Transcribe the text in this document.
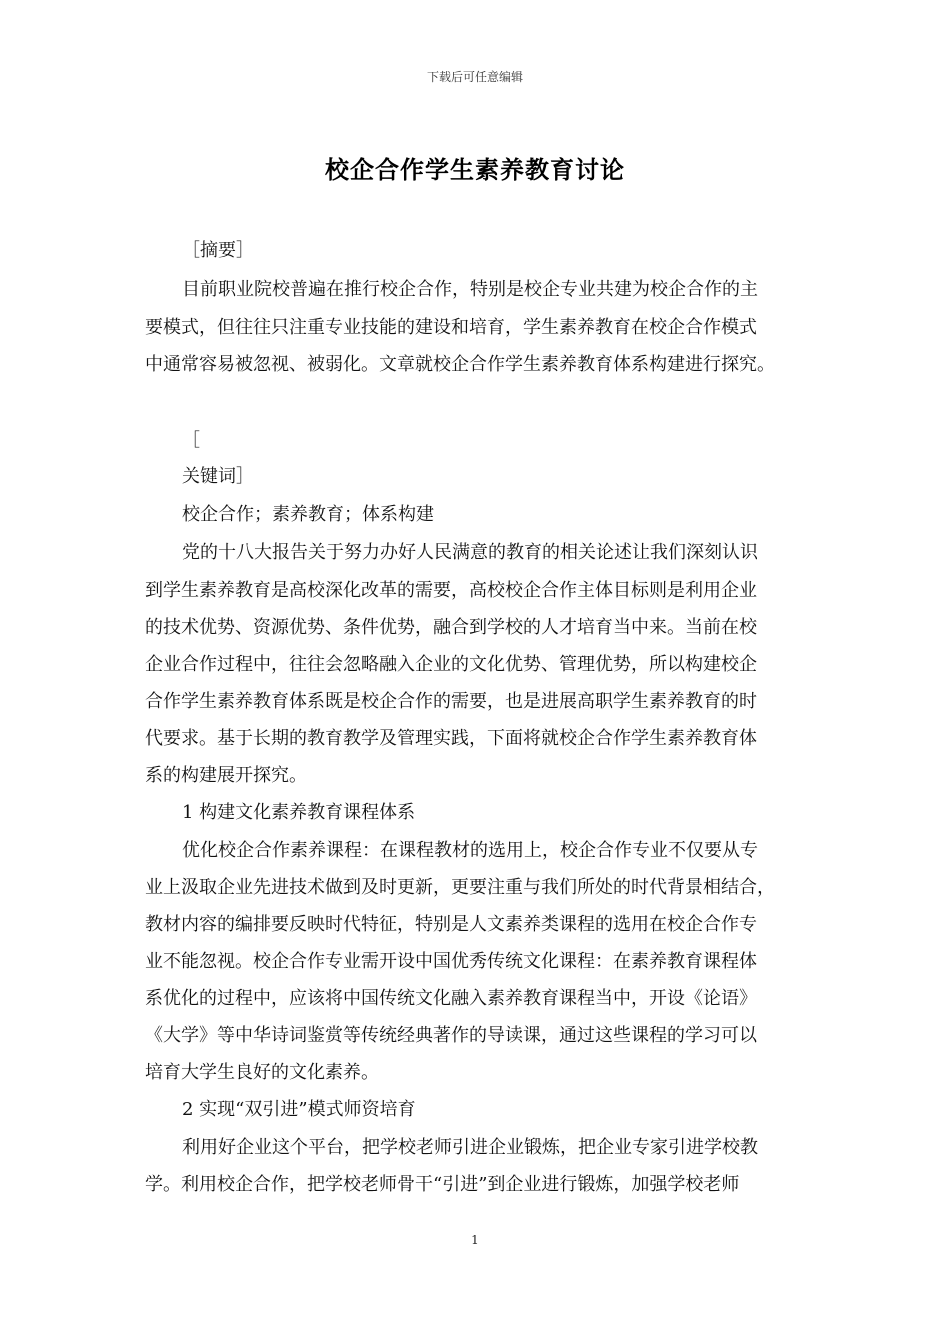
下载后可任意编辑
校企合作学生素养教育讨论
［摘要］
目前职业院校普遍在推行校企合作，特别是校企专业共建为校企合作的主
要模式，但往往只注重专业技能的建设和培育，学生素养教育在校企合作模式
中通常容易被忽视、被弱化。文章就校企合作学生素养教育体系构建进行探究。
［
关键词］
校企合作；素养教育；体系构建
党的十八大报告关于努力办好人民满意的教育的相关论述让我们深刻认识
到学生素养教育是高校深化改革的需要，高校校企合作主体目标则是利用企业
的技术优势、资源优势、条件优势，融合到学校的人才培育当中来。当前在校
企业合作过程中，往往会忽略融入企业的文化优势、管理优势，所以构建校企
合作学生素养教育体系既是校企合作的需要，也是进展高职学生素养教育的时
代要求。基于长期的教育教学及管理实践，下面将就校企合作学生素养教育体
系的构建展开探究。
1 构建文化素养教育课程体系
优化校企合作素养课程：在课程教材的选用上，校企合作专业不仅要从专
业上汲取企业先进技术做到及时更新，更要注重与我们所处的时代背景相结合，
教材内容的编排要反映时代特征，特别是人文素养类课程的选用在校企合作专
业不能忽视。校企合作专业需开设中国优秀传统文化课程：在素养教育课程体
系优化的过程中，应该将中国传统文化融入素养教育课程当中，开设《论语》
《大学》等中华诗词鉴赏等传统经典著作的导读课，通过这些课程的学习可以
培育大学生良好的文化素养。
2 实现“双引进”模式师资培育
利用好企业这个平台，把学校老师引进企业锻炼，把企业专家引进学校教
学。利用校企合作，把学校老师骨干“引进”到企业进行锻炼，加强学校老师
1
